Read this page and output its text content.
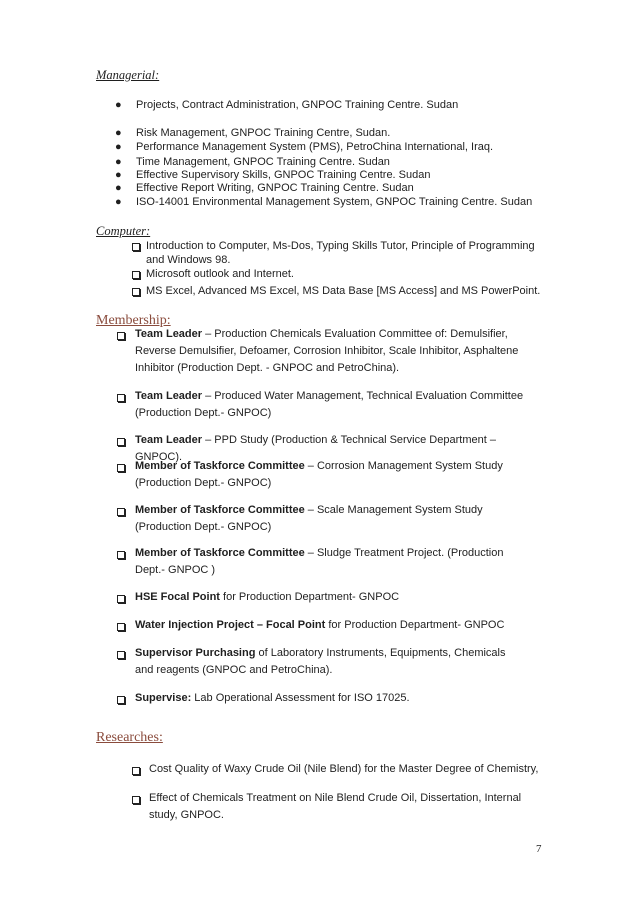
Managerial:
● Projects, Contract Administration, GNPOC Training Centre. Sudan
● Risk Management, GNPOC Training Centre, Sudan.
● Performance Management System (PMS), PetroChina International, Iraq.
● Time Management, GNPOC Training Centre. Sudan
● Effective Supervisory Skills, GNPOC Training Centre. Sudan
● Effective Report Writing, GNPOC Training Centre. Sudan
● ISO-14001 Environmental Management System, GNPOC Training Centre. Sudan
Computer:
Introduction to Computer, Ms-Dos, Typing Skills Tutor, Principle of Programming
and Windows 98.
Microsoft outlook and Internet.
MS Excel, Advanced MS Excel, MS Data Base [MS Access] and MS PowerPoint.
Membership:
Team Leader – Production Chemicals Evaluation Committee of: Demulsifier, Reverse Demulsifier, Defoamer, Corrosion Inhibitor, Scale Inhibitor, Asphaltene Inhibitor (Production Dept. - GNPOC and PetroChina).
Team Leader – Produced Water Management, Technical Evaluation Committee (Production Dept.- GNPOC)
Team Leader – PPD Study (Production & Technical Service Department – GNPOC).
Member of Taskforce Committee – Corrosion Management System Study (Production Dept.- GNPOC)
Member of Taskforce Committee – Scale Management System Study (Production Dept.- GNPOC)
Member of Taskforce Committee – Sludge Treatment Project. (Production Dept.- GNPOC )
HSE Focal Point for Production Department- GNPOC
Water Injection Project – Focal Point for Production Department- GNPOC
Supervisor Purchasing of Laboratory Instruments, Equipments, Chemicals and reagents (GNPOC and PetroChina).
Supervise: Lab Operational Assessment for ISO 17025.
Researches:
Cost Quality of Waxy Crude Oil (Nile Blend) for the Master Degree of Chemistry,
Effect of Chemicals Treatment on Nile Blend Crude Oil, Dissertation, Internal study, GNPOC.
7
